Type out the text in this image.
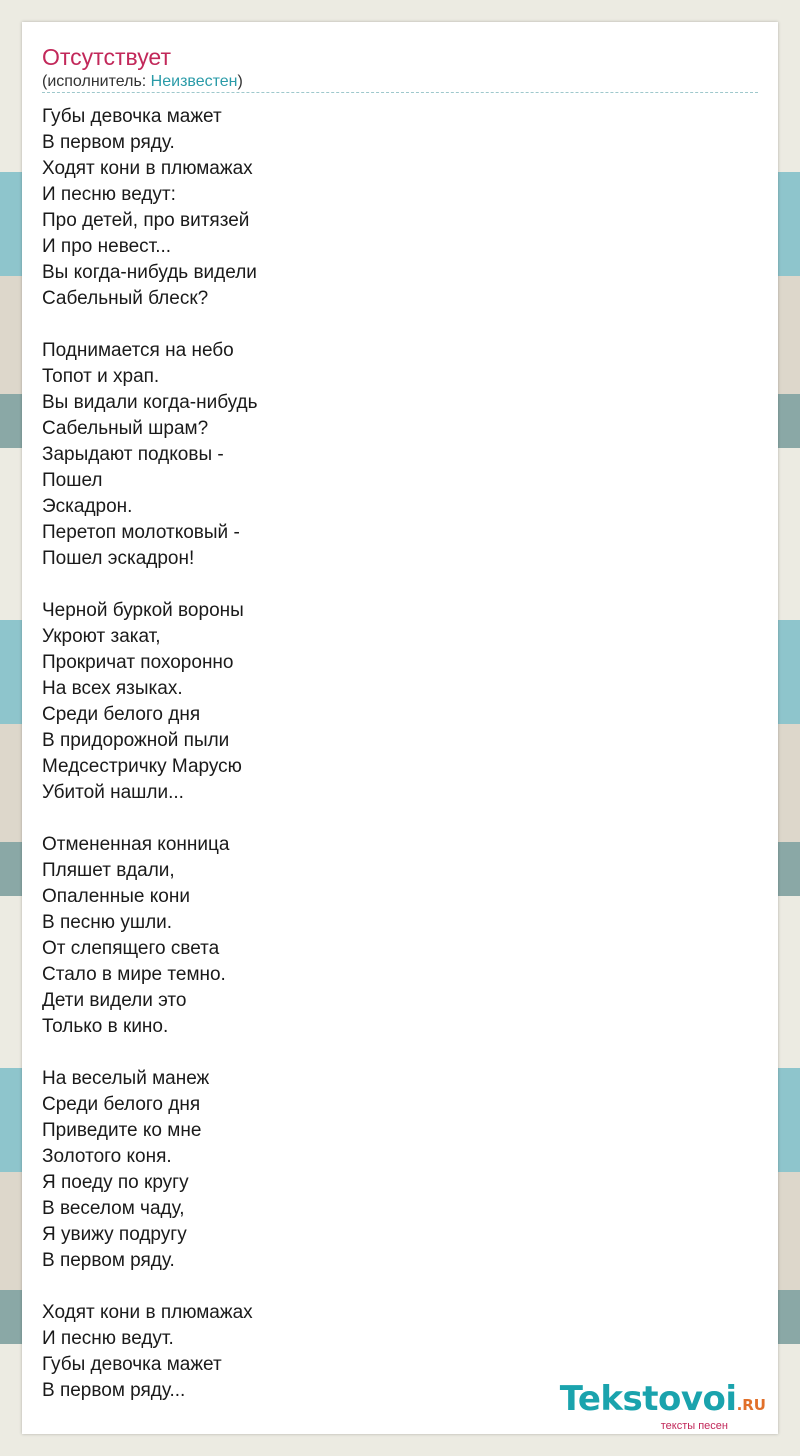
Отсутствует
(исполнитель: Неизвестен)
Губы девочка мажет
В первом ряду.
Ходят кони в плюмажах
И песню ведут:
Про детей, про витязей
И про невест...
Вы когда-нибудь видели
Сабельный блеск?
Поднимается на небо
Топот и храп.
Вы видали когда-нибудь
Сабельный шрам?
Зарыдают подковы -
Пошел
Эскадрон.
Перетоп молотковый -
Пошел эскадрон!
Черной буркой вороны
Укроют закат,
Прокричат похоронно
На всех языках.
Среди белого дня
В придорожной пыли
Медсестричку Марусю
Убитой нашли...
Отмененная конница
Пляшет вдали,
Опаленные кони
В песню ушли.
От слепящего света
Стало в мире темно.
Дети видели это
Только в кино.
На веселый манеж
Среди белого дня
Приведите ко мне
Золотого коня.
Я поеду по кругу
В веселом чаду,
Я увижу подругу
В первом ряду.
Ходят кони в плюмажах
И песню ведут.
Губы девочка мажет
В первом ряду...	Tekstovoi.RU
тексты песен
